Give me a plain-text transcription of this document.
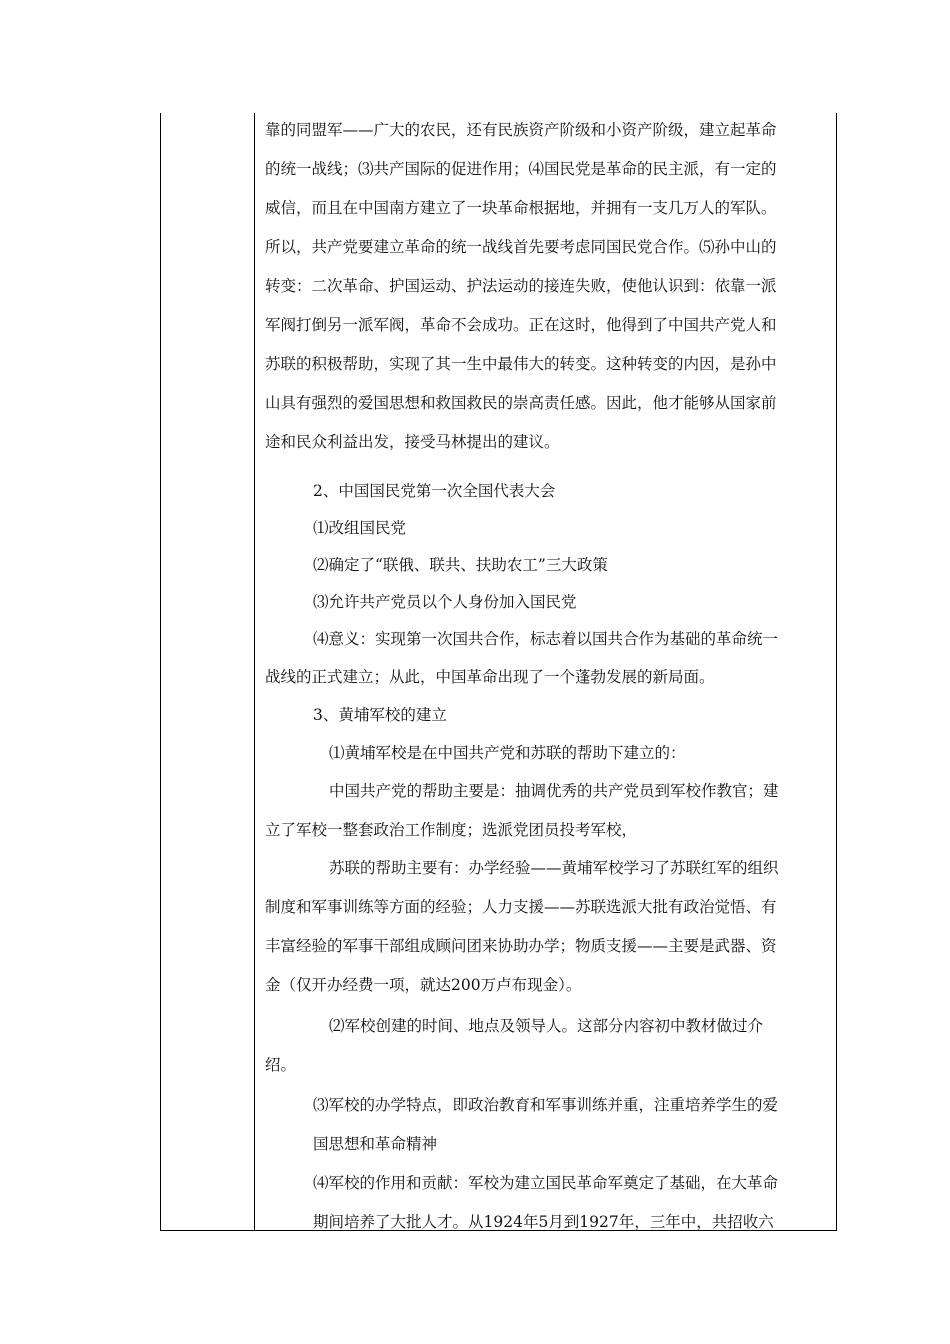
靠的同盟军——广大的农民，还有民族资产阶级和小资产阶级，建立起革命
的统一战线；⑶共产国际的促进作用；⑷国民党是革命的民主派，有一定的
威信，而且在中国南方建立了一块革命根据地，并拥有一支几万人的军队。
所以，共产党要建立革命的统一战线首先要考虑同国民党合作。⑸孙中山的
转变：二次革命、护国运动、护法运动的接连失败，使他认识到：依靠一派
军阀打倒另一派军阀，革命不会成功。正在这时，他得到了中国共产党人和
苏联的积极帮助，实现了其一生中最伟大的转变。这种转变的内因，是孙中
山具有强烈的爱国思想和救国救民的崇高责任感。因此，他才能够从国家前
途和民众利益出发，接受马林提出的建议。
2、中国国民党第一次全国代表大会
⑴改组国民党
⑵确定了“联俄、联共、扶助农工”三大政策
⑶允许共产党员以个人身份加入国民党
⑷意义：实现第一次国共合作，标志着以国共合作为基础的革命统一
战线的正式建立；从此，中国革命出现了一个蓬勃发展的新局面。
3、黄埔军校的建立
⑴黄埔军校是在中国共产党和苏联的帮助下建立的：
中国共产党的帮助主要是：抽调优秀的共产党员到军校作教官；建
立了军校一整套政治工作制度；选派党团员投考军校，
苏联的帮助主要有：办学经验——黄埔军校学习了苏联红军的组织
制度和军事训练等方面的经验；人力支援——苏联选派大批有政治觉悟、有
丰富经验的军事干部组成顾问团来协助办学；物质支援——主要是武器、资
金（仅开办经费一项，就达200万卢布现金）。
⑵军校创建的时间、地点及领导人。这部分内容初中教材做过介
绍。
⑶军校的办学特点，即政治教育和军事训练并重，注重培养学生的爱
国思想和革命精神
⑷军校的作用和贡献：军校为建立国民革命军奠定了基础，在大革命
期间培养了大批人才。从1924年5月到1927年，三年中，共招收六
